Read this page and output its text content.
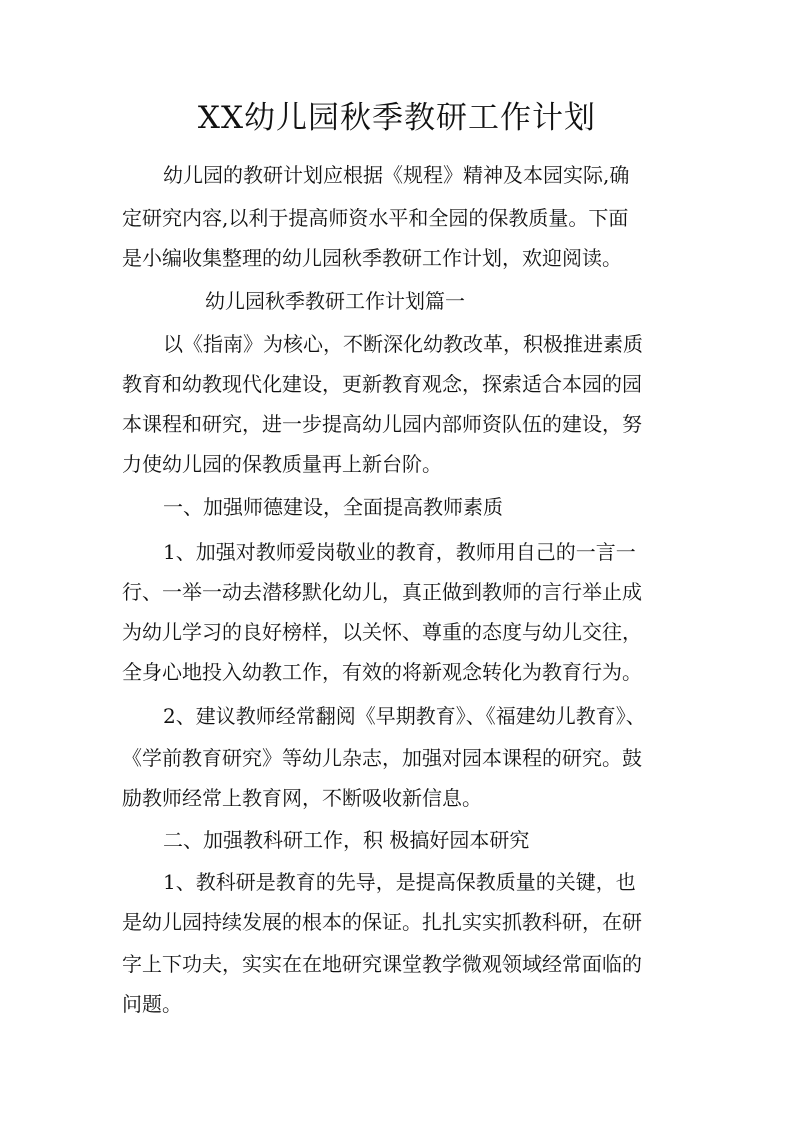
XX幼儿园秋季教研工作计划
幼儿园的教研计划应根据《规程》精神及本园实际,确
定研究内容,以利于提高师资水平和全园的保教质量。下面
是小编收集整理的幼儿园秋季教研工作计划，欢迎阅读。
幼儿园秋季教研工作计划篇一
以《指南》为核心，不断深化幼教改革，积极推进素质
教育和幼教现代化建设，更新教育观念，探索适合本园的园
本课程和研究，进一步提高幼儿园内部师资队伍的建设，努
力使幼儿园的保教质量再上新台阶。
一、加强师德建设，全面提高教师素质
1、加强对教师爱岗敬业的教育，教师用自己的一言一
行、一举一动去潜移默化幼儿，真正做到教师的言行举止成
为幼儿学习的良好榜样，以关怀、尊重的态度与幼儿交往，
全身心地投入幼教工作，有效的将新观念转化为教育行为。
2、建议教师经常翻阅《早期教育》、《福建幼儿教育》、
《学前教育研究》等幼儿杂志，加强对园本课程的研究。鼓
励教师经常上教育网，不断吸收新信息。
二、加强教科研工作，积 极搞好园本研究
1、教科研是教育的先导，是提高保教质量的关键，也
是幼儿园持续发展的根本的保证。扎扎实实抓教科研，在研
字上下功夫，实实在在地研究课堂教学微观领域经常面临的
问题。
